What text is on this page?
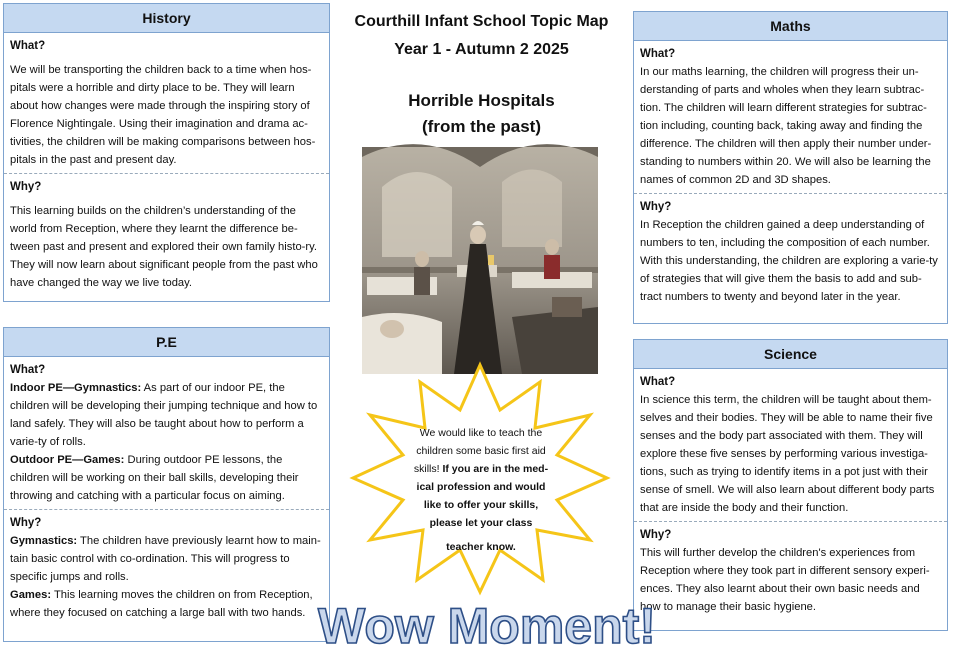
Courthill Infant School Topic Map
Year 1 - Autumn 2 2025
Horrible Hospitals
(from the past)
History
What?

We will be transporting the children back to a time when hos-pitals were a horrible and dirty place to be. They will learn about how changes were made through the inspiring story of Florence Nightingale. Using their imagination and drama ac-tivities, the children will be making comparisons between hos-pitals in the past and present day.

Why?

This learning builds on the children’s understanding of the world from Reception, where they learnt the difference be-tween past and present and explored their own family histo-ry. They will now learn about significant people from the past who have changed the way we live today.

P.E
What?

Indoor PE—Gymnastics: As part of our indoor PE, the children will be developing their jumping technique and how to land safely. They will also be taught about how to perform a varie-ty of rolls.

Outdoor PE—Games: During outdoor PE lessons, the children will be working on their ball skills, developing their throwing and catching with a particular focus on aiming.

Why?

Gymnastics: The children have previously learnt how to main-tain basic control with co-ordination. This will progress to specific jumps and rolls.

Games: This learning moves the children on from Reception, where they focused on catching a large ball with two hands.

Maths
What?

In our maths learning, the children will progress their un-derstanding of parts and wholes when they learn subtrac-tion. The children will learn different strategies for subtrac-tion including, counting back, taking away and finding the difference. The children will then apply their number under-standing to numbers within 20. We will also be learning the names of common 2D and 3D shapes.

Why?

In Reception the children gained a deep understanding of numbers to ten, including the composition of each number. With this understanding, the children are exploring a varie-ty of strategies that will give them the basis to add and sub-tract numbers to twenty and beyond later in the year.

Science
What?

In science this term, the children will be taught about them-selves and their bodies. They will be able to name their five senses and the body part associated with them. They will explore these five senses by performing various investiga-tions, such as trying to identify items in a pot just with their sense of smell. We will also learn about different body parts that are inside the body and their function.

Why?

This will further develop the children's experiences from Reception where they took part in different sensory experi-ences. They also learnt about their own basic needs and how to manage their basic hygiene.

We would like to teach the children some basic first aid skills! If you are in the med-ical profession and would like to offer your skills, please let your class
teacher know.
Wow Moment!
